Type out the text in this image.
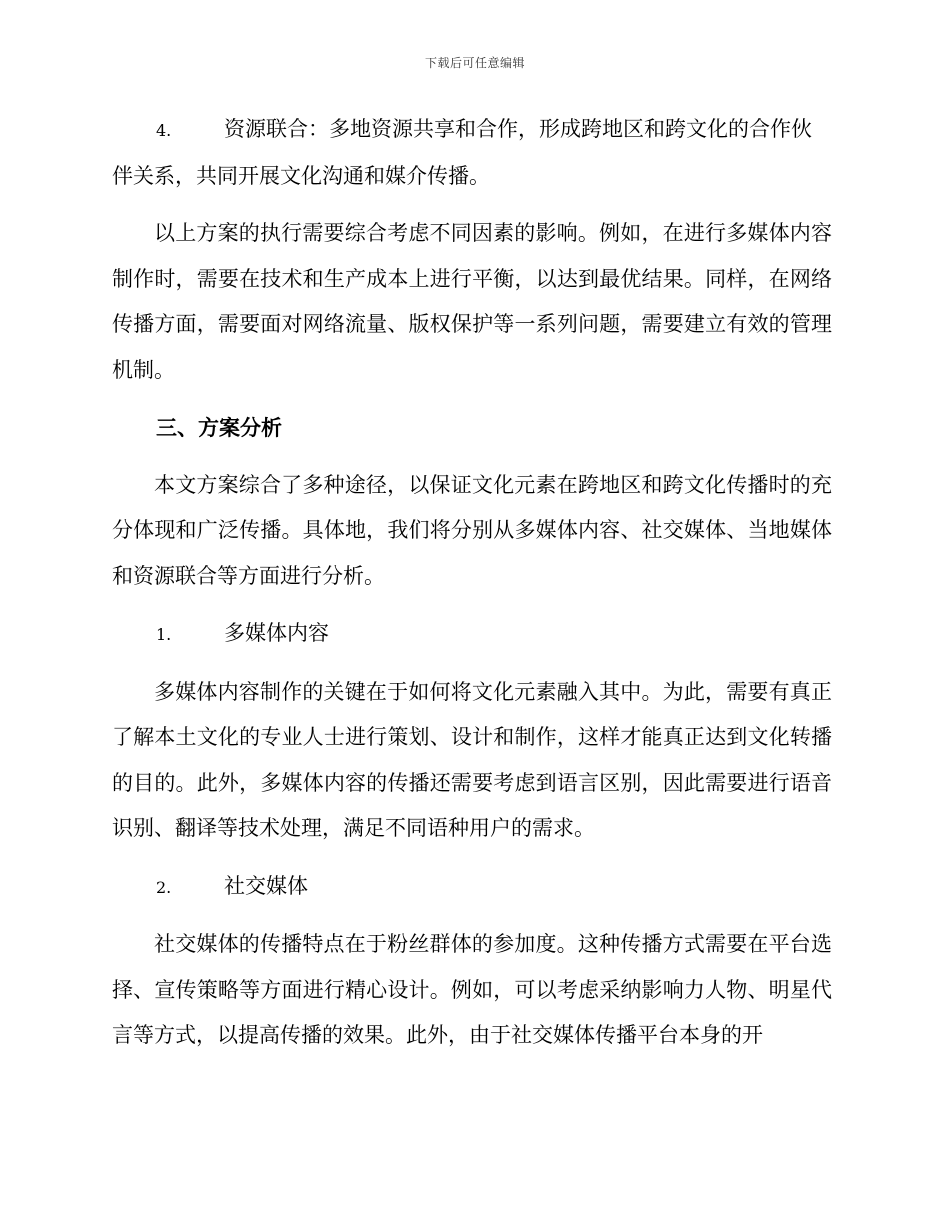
下载后可任意编辑

4.	资源联合：多地资源共享和合作，形成跨地区和跨文化的合作伙

伴关系，共同开展文化沟通和媒介传播。

以上方案的执行需要综合考虑不同因素的影响。例如，在进行多媒体内容制作时，需要在技术和生产成本上进行平衡，以达到最优结果。同样，在网络传播方面，需要面对网络流量、版权保护等一系列问题，需要建立有效的管理机制。

三、方案分析

本文方案综合了多种途径，以保证文化元素在跨地区和跨文化传播时的充分体现和广泛传播。具体地，我们将分别从多媒体内容、社交媒体、当地媒体和资源联合等方面进行分析。

1.	多媒体内容

多媒体内容制作的关键在于如何将文化元素融入其中。为此，需要有真正了解本土文化的专业人士进行策划、设计和制作，这样才能真正达到文化转播的目的。此外，多媒体内容的传播还需要考虑到语言区别，因此需要进行语音识别、翻译等技术处理，满足不同语种用户的需求。

2.	社交媒体

社交媒体的传播特点在于粉丝群体的参加度。这种传播方式需要在平台选择、宣传策略等方面进行精心设计。例如，可以考虑采纳影响力人物、明星代言等方式，以提高传播的效果。此外，由于社交媒体传播平台本身的开
